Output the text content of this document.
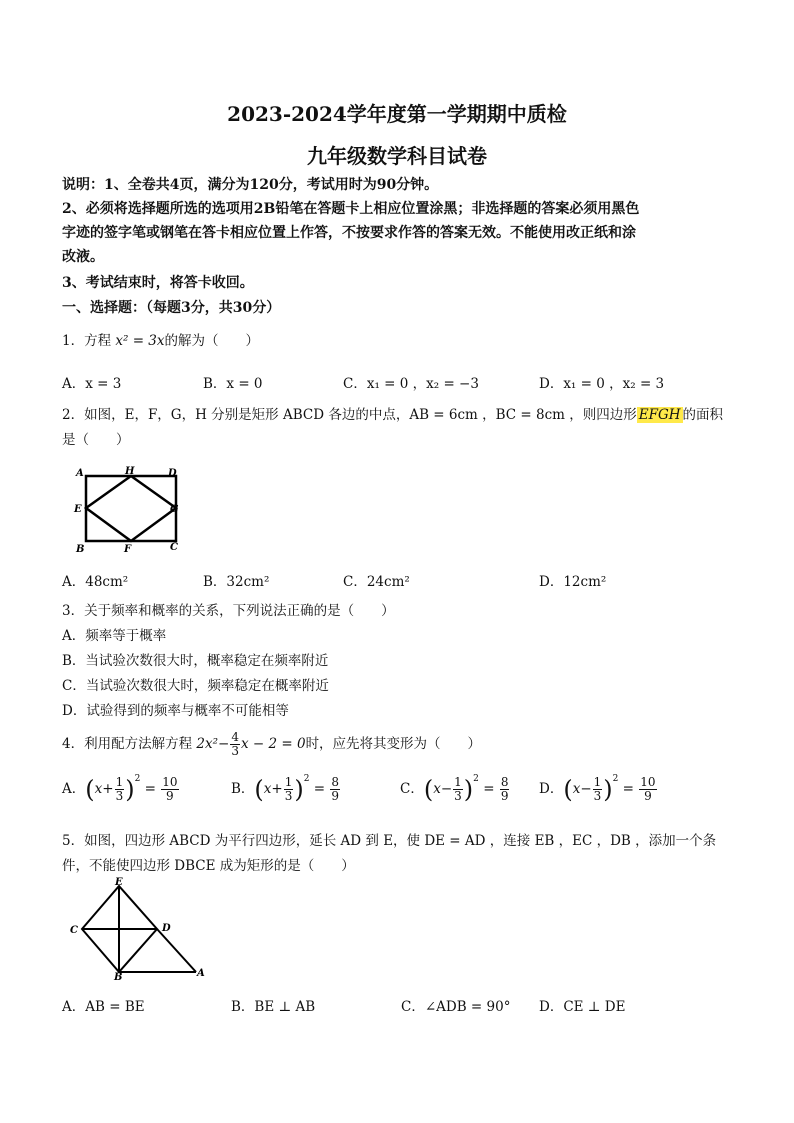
2023-2024学年度第一学期期中质检
九年级数学科目试卷
说明：1、全卷共4页，满分为120分，考试用时为90分钟。
2、必须将选择题所选的选项用2B铅笔在答题卡上相应位置涂黑；非选择题的答案必须用黑色
字迹的签字笔或钢笔在答卡相应位置上作答，不按要求作答的答案无效。不能使用改正纸和涂
改液。
3、考试结束时，将答卡收回。
一、选择题：（每题3分，共30分）
1．方程 x² = 3x的解为（　　）
A．x = 3	B．x = 0	C．x₁ = 0 ，x₂ = −3	D．x₁ = 0 ，x₂ = 3
2．如图，E，F，G，H 分别是矩形 ABCD 各边的中点，AB = 6cm ，BC = 8cm ，则四边形 EFGH 的面积
是（　　）
A	H	D
E	G
B	F	C
A．48cm²	B．32cm²	C．24cm²	D．12cm²
3．关于频率和概率的关系，下列说法正确的是（　　）
A．频率等于概率
B．当试验次数很大时，概率稳定在频率附近
C．当试验次数很大时，频率稳定在概率附近
D．试验得到的频率与概率不可能相等
4．利用配方法解方程 $2x^2- \frac{4}{3}$ x − 2 = 0时，应先将其变形为（　　）
A．$(x+ \frac{1}{3} )^2 = \frac{10}{9}$	B．$(x+ \frac{1}{3} )^2 = \frac{8}{9}$	C．$(x- \frac{1}{3} )^2 = \frac{8}{9}$ D．$(x- \frac{1}{3} )^2 = \frac{10}{9}$
5．如图，四边形 ABCD 为平行四边形，延长 AD 到 E，使 DE = AD ，连接 EB ，EC ，DB ，添加一个条
件，不能使四边形 DBCE 成为矩形的是（　　）
E
C	D
B	A
A．AB = BE	B．BE ⊥ AB	C．∠ADB = 90° D．CE ⊥ DE
